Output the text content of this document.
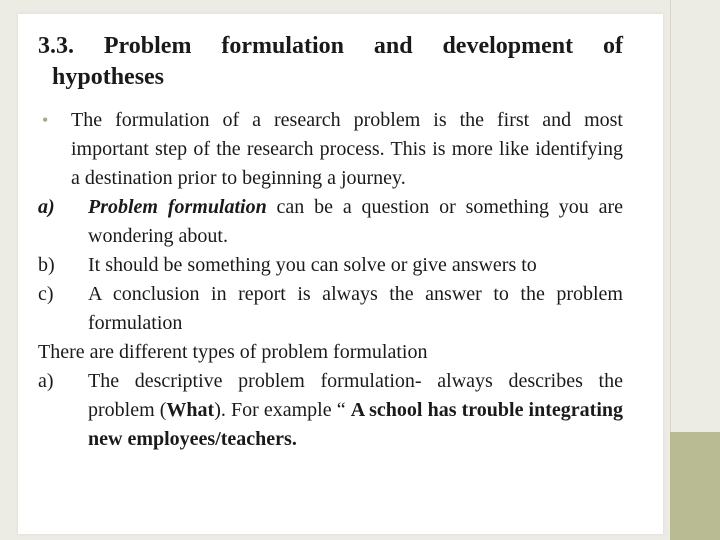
3.3. Problem formulation and development of
hypotheses
• The formulation of a research problem is the first and most important step of the research process. This is more like identifying a destination prior to beginning a journey.
a) Problem formulation can be a question or something you are wondering about.
b) It should be something you can solve or give answers to
c) A conclusion in report is always the answer to the problem formulation
There are different types of problem formulation
a) The descriptive problem formulation- always describes the problem (What). For example “ A school has trouble integrating new employees/teachers.
